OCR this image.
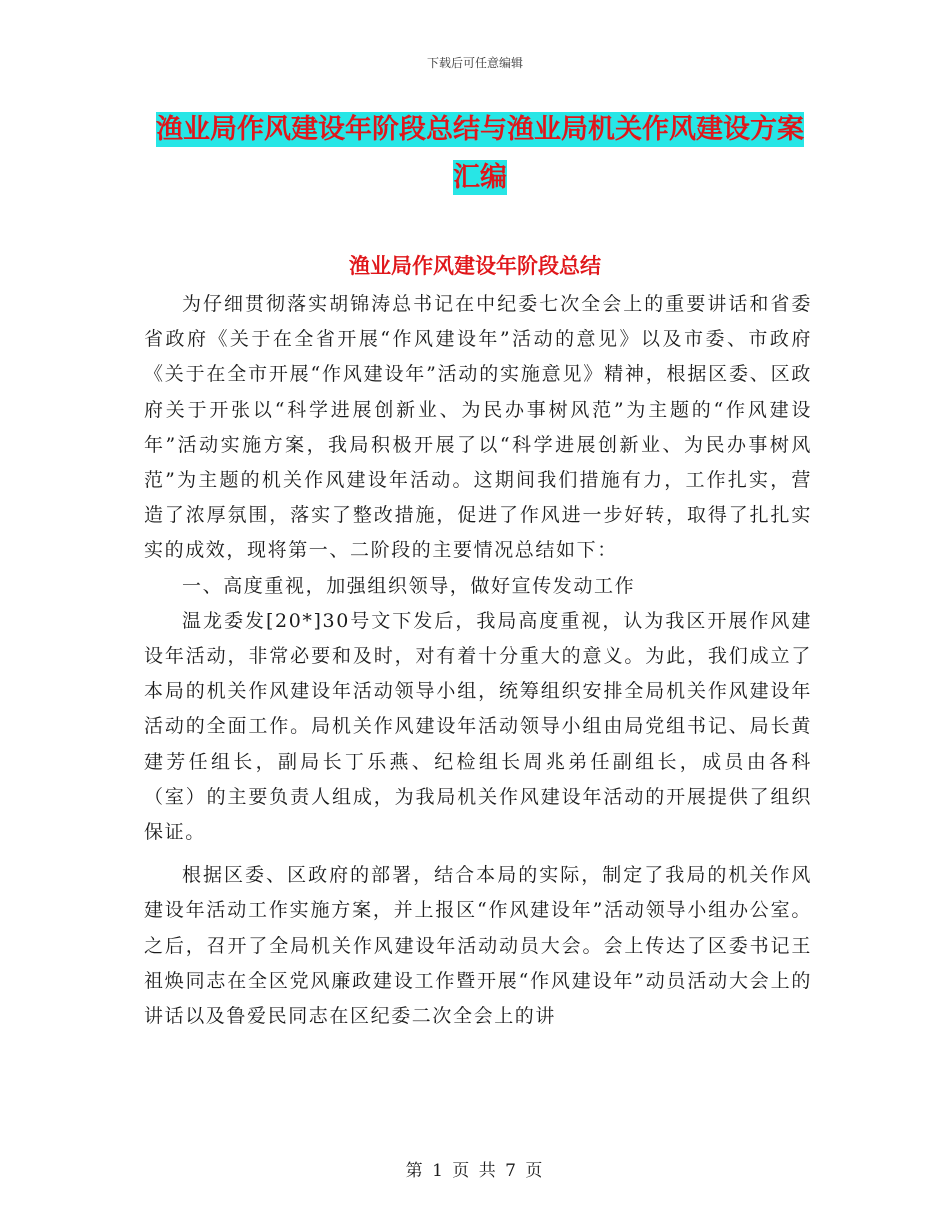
下载后可任意编辑
渔业局作风建设年阶段总结与渔业局机关作风建设方案汇编
渔业局作风建设年阶段总结

为仔细贯彻落实胡锦涛总书记在中纪委七次全会上的重要讲话和省委省政府《关于在全省开展“作风建设年”活动的意见》以及市委、市政府《关于在全市开展“作风建设年”活动的实施意见》精神，根据区委、区政府关于开张以“科学进展创新业、为民办事树风范”为主题的“作风建设年”活动实施方案，我局积极开展了以“科学进展创新业、为民办事树风范”为主题的机关作风建设年活动。这期间我们措施有力，工作扎实，营造了浓厚氛围，落实了整改措施，促进了作风进一步好转，取得了扎扎实实的成效，现将第一、二阶段的主要情况总结如下：

一、高度重视，加强组织领导，做好宣传发动工作

温龙委发[20*]30号文下发后，我局高度重视，认为我区开展作风建设年活动，非常必要和及时，对有着十分重大的意义。为此，我们成立了本局的机关作风建设年活动领导小组，统筹组织安排全局机关作风建设年活动的全面工作。局机关作风建设年活动领导小组由局党组书记、局长黄建芳任组长，副局长丁乐燕、纪检组长周兆弟任副组长，成员由各科（室）的主要负责人组成，为我局机关作风建设年活动的开展提供了组织保证。

根据区委、区政府的部署，结合本局的实际，制定了我局的机关作风建设年活动工作实施方案，并上报区“作风建设年”活动领导小组办公室。之后，召开了全局机关作风建设年活动动员大会。会上传达了区委书记王祖焕同志在全区党风廉政建设工作暨开展“作风建设年”动员活动大会上的讲话以及鲁爱民同志在区纪委二次全会上的讲

第 1 页 共 7 页
